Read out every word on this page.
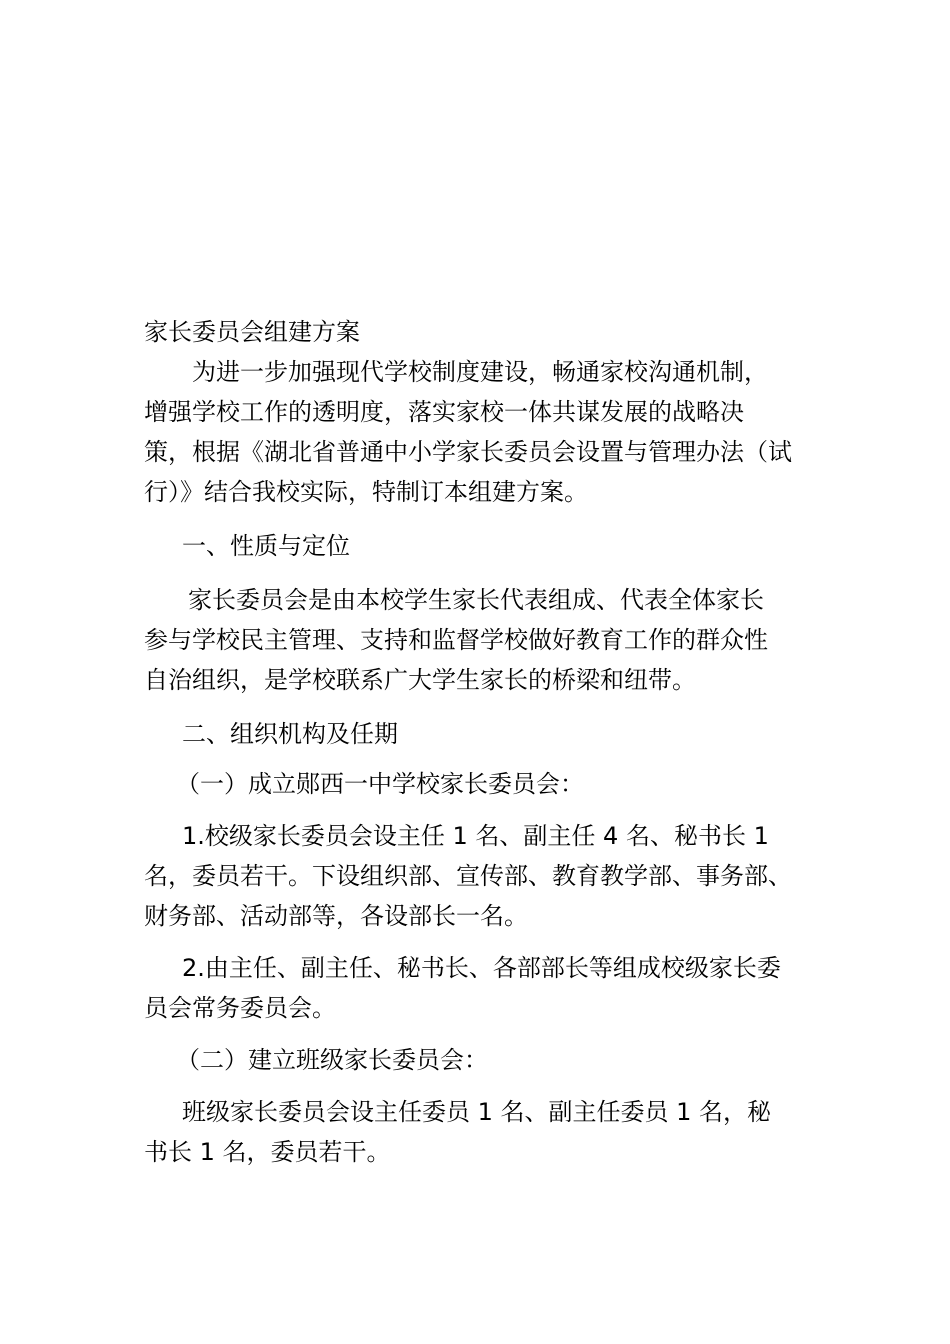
家长委员会组建方案
为进一步加强现代学校制度建设，畅通家校沟通机制，
增强学校工作的透明度，落实家校一体共谋发展的战略决
策，根据《湖北省普通中小学家长委员会设置与管理办法（试
行）》结合我校实际，特制订本组建方案。
一、性质与定位
家长委员会是由本校学生家长代表组成、代表全体家长
参与学校民主管理、支持和监督学校做好教育工作的群众性
自治组织，是学校联系广大学生家长的桥梁和纽带。
二、组织机构及任期
（一）成立郧西一中学校家长委员会：
1.校级家长委员会设主任 1 名、副主任 4 名、秘书长 1
名，委员若干。下设组织部、宣传部、教育教学部、事务部、
财务部、活动部等，各设部长一名。
2.由主任、副主任、秘书长、各部部长等组成校级家长委
员会常务委员会。
（二）建立班级家长委员会：
班级家长委员会设主任委员 1 名、副主任委员 1 名，秘
书长 1 名，委员若干。
